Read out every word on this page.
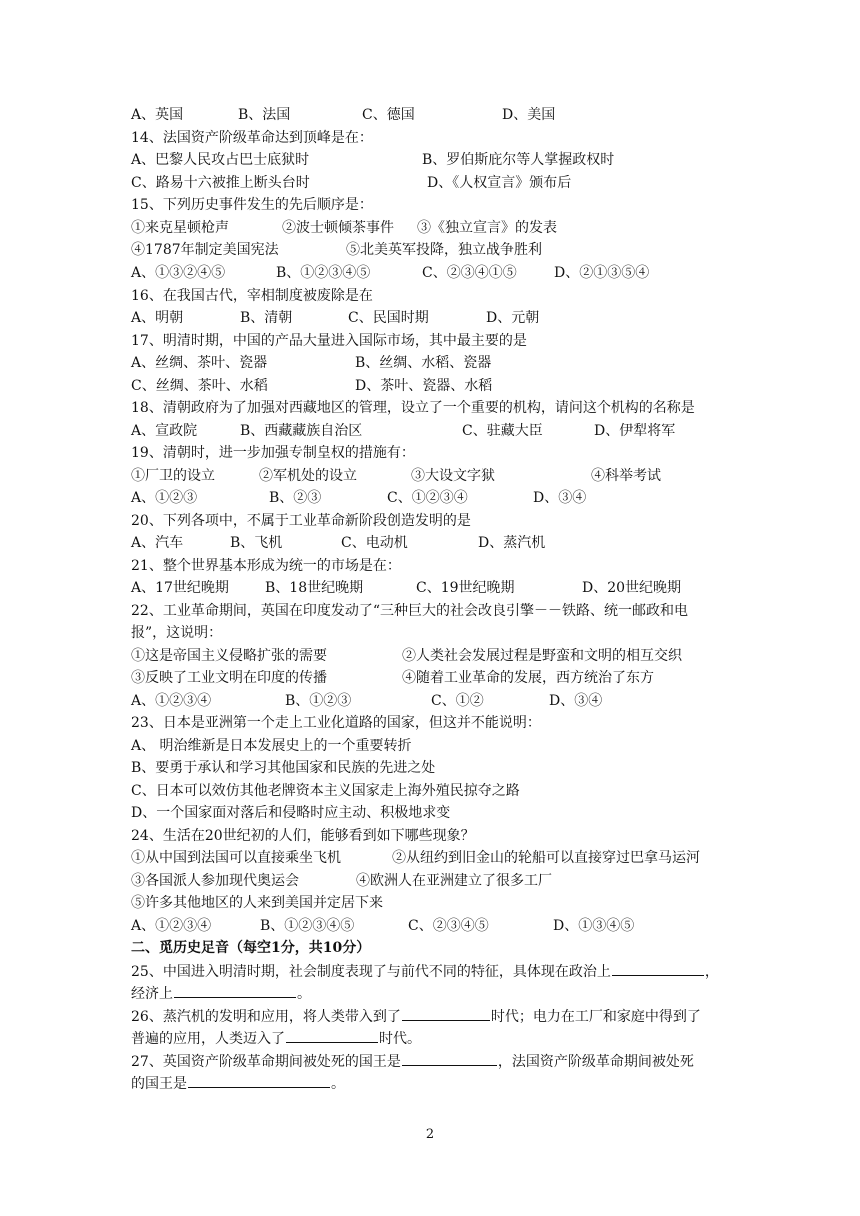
A、英国	B、法国	C、德国	D、美国
14、法国资产阶级革命达到顶峰是在：
A、巴黎人民攻占巴士底狱时	B、罗伯斯庇尔等人掌握政权时
C、路易十六被推上断头台时	D、《人权宣言》颁布后
15、下列历史事件发生的先后顺序是：
①来克星顿枪声	②波士顿倾茶事件 ③《独立宣言》的发表
④1787年制定美国宪法	⑤北美英军投降，独立战争胜利
A、①③②④⑤	B、①②③④⑤	C、②③④①⑤	D、②①③⑤④
16、在我国古代，宰相制度被废除是在
A、明朝	B、清朝	C、民国时期	D、元朝
17、明清时期，中国的产品大量进入国际市场，其中最主要的是
A、丝绸、茶叶、瓷器	B、丝绸、水稻、瓷器
C、丝绸、茶叶、水稻	D、茶叶、瓷器、水稻
18、清朝政府为了加强对西藏地区的管理，设立了一个重要的机构，请问这个机构的名称是
A、宣政院	B、西藏藏族自治区	C、驻藏大臣	D、伊犁将军
19、清朝时，进一步加强专制皇权的措施有：
①厂卫的设立	②军机处的设立	③大设文字狱	④科举考试
A、①②③	B、②③	C、①②③④	D、③④
20、下列各项中，不属于工业革命新阶段创造发明的是
A、汽车	B、飞机	C、电动机	D、蒸汽机
21、整个世界基本形成为统一的市场是在：
A、17世纪晚期	B、18世纪晚期	C、19世纪晚期	D、20世纪晚期
22、工业革命期间，英国在印度发动了“三种巨大的社会改良引擎－－铁路、统一邮政和电
报”，这说明：
①这是帝国主义侵略扩张的需要	②人类社会发展过程是野蛮和文明的相互交织
③反映了工业文明在印度的传播	④随着工业革命的发展，西方统治了东方
A、①②③④	B、①②③	C、①②	D、③④
23、日本是亚洲第一个走上工业化道路的国家，但这并不能说明：
A、 明治维新是日本发展史上的一个重要转折
B、要勇于承认和学习其他国家和民族的先进之处
C、日本可以效仿其他老牌资本主义国家走上海外殖民掠夺之路
D、一个国家面对落后和侵略时应主动、积极地求变
24、生活在20世纪初的人们，能够看到如下哪些现象？
①从中国到法国可以直接乘坐飞机	②从纽约到旧金山的轮船可以直接穿过巴拿马运河
③各国派人参加现代奥运会	④欧洲人在亚洲建立了很多工厂
⑤许多其他地区的人来到美国并定居下来
A、①②③④	B、①②③④⑤	C、②③④⑤	D、①③④⑤
二、觅历史足音（每空1分，共10分）
25、中国进入明清时期，社会制度表现了与前代不同的特征，具体现在政治上	，
经济上	。
26、蒸汽机的发明和应用，将人类带入到了	时代；电力在工厂和家庭中得到了
普遍的应用，人类迈入了	时代。
27、英国资产阶级革命期间被处死的国王是	，法国资产阶级革命期间被处死
的国王是	。
2
